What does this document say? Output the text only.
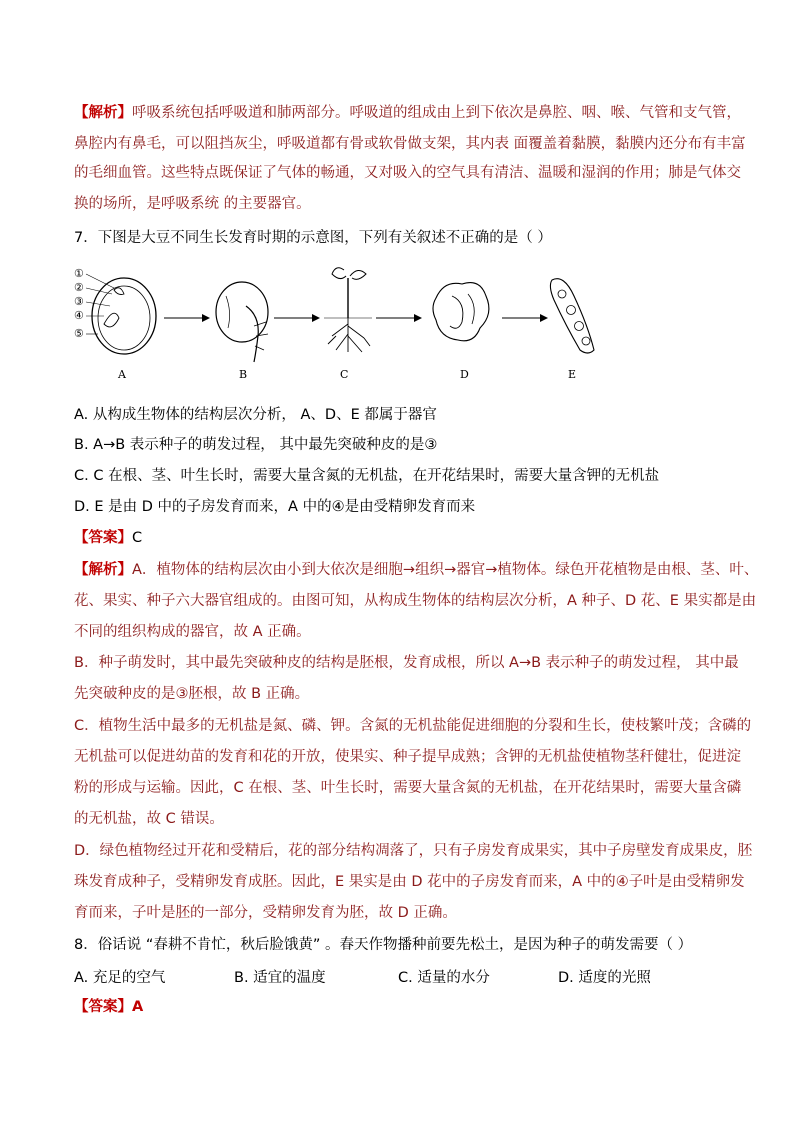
【解析】呼吸系统包括呼吸道和肺两部分。呼吸道的组成由上到下依次是鼻腔、咽、喉、气管和支气管，
鼻腔内有鼻毛，可以阻挡灰尘，呼吸道都有骨或软骨做支架，其内表 面覆盖着黏膜，黏膜内还分布有丰富
的毛细血管。这些特点既保证了气体的畅通，又对吸入的空气具有清洁、温暖和湿润的作用；肺是气体交
换的场所，是呼吸系统 的主要器官。
7．下图是大豆不同生长发育时期的示意图，下列有关叙述不正确的是（ ）
①
②
③
④
⑤
A	B	C	D	E
A. 从构成生物体的结构层次分析， A、D、E 都属于器官
B. A→B 表示种子的萌发过程， 其中最先突破种皮的是③
C. C 在根、茎、叶生长时，需要大量含氮的无机盐，在开花结果时，需要大量含钾的无机盐
D. E 是由 D 中的子房发育而来，A 中的④是由受精卵发育而来
【答案】C
【解析】A．植物体的结构层次由小到大依次是细胞→组织→器官→植物体。绿色开花植物是由根、茎、叶、
花、果实、种子六大器官组成的。由图可知，从构成生物体的结构层次分析，A 种子、D 花、E 果实都是由
不同的组织构成的器官，故 A 正确。
B．种子萌发时，其中最先突破种皮的结构是胚根，发育成根，所以 A→B 表示种子的萌发过程， 其中最
先突破种皮的是③胚根，故 B 正确。
C．植物生活中最多的无机盐是氮、磷、钾。含氮的无机盐能促进细胞的分裂和生长，使枝繁叶茂；含磷的
无机盐可以促进幼苗的发育和花的开放，使果实、种子提早成熟；含钾的无机盐使植物茎秆健壮，促进淀
粉的形成与运输。因此，C 在根、茎、叶生长时，需要大量含氮的无机盐，在开花结果时，需要大量含磷
的无机盐，故 C 错误。
D．绿色植物经过开花和受精后，花的部分结构凋落了，只有子房发育成果实，其中子房壁发育成果皮，胚
珠发育成种子，受精卵发育成胚。因此，E 果实是由 D 花中的子房发育而来，A 中的④子叶是由受精卵发
育而来，子叶是胚的一部分，受精卵发育为胚，故 D 正确。
8．俗话说 “春耕不肯忙，秋后脸饿黄” 。春天作物播种前要先松土，是因为种子的萌发需要（ ）
A. 充足的空气	B. 适宜的温度	C. 适量的水分	D. 适度的光照
【答案】A
